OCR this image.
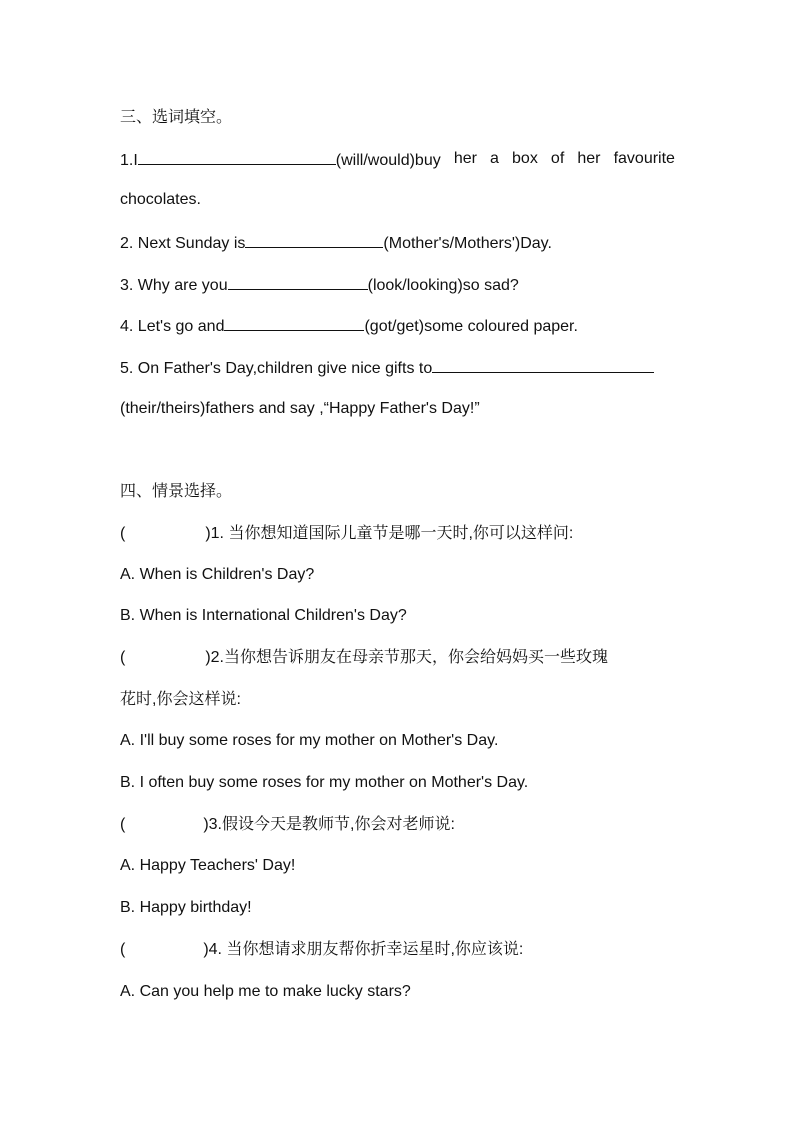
三、选词填空。
1.I	(will/would)buy her a box of her favourite
chocolates.
2. Next Sunday is	(Mother's/Mothers')Day.
3. Why are you	(look/looking)so sad?
4. Let's go and	(got/get)some coloured paper.
5. On Father's Day,children give nice gifts to
(their/theirs)fathers and say ,“Happy Father's Day!”
四、情景选择。
(	)1. 当你想知道国际儿童节是哪一天时,你可以这样问:
A. When is Children's Day?
B. When is International Children's Day?
(	)2.当你想告诉朋友在母亲节那天，你会给妈妈买一些玫瑰
花时,你会这样说:
A. I'll buy some roses for my mother on Mother's Day.
B. I often buy some roses for my mother on Mother's Day.
(	)3.假设今天是教师节,你会对老师说:
A. Happy Teachers' Day!
B. Happy birthday!
(	)4. 当你想请求朋友帮你折幸运星时,你应该说:
A. Can you help me to make lucky stars?
